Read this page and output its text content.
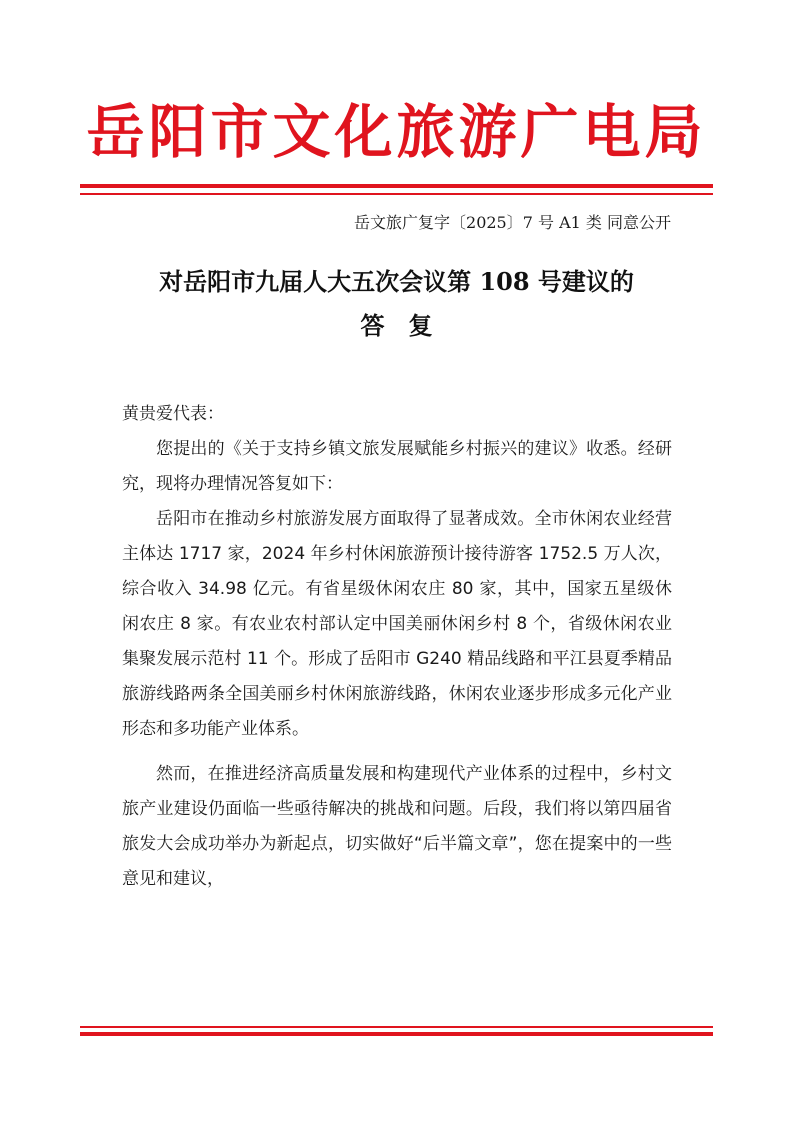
岳阳市文化旅游广电局
岳文旅广复字〔2025〕7 号 A1 类 同意公开
对岳阳市九届人大五次会议第 108 号建议的
答复

黄贵爱代表：

您提出的《关于支持乡镇文旅发展赋能乡村振兴的建议》收悉。经研究，现将办理情况答复如下：

岳阳市在推动乡村旅游发展方面取得了显著成效。全市休闲农业经营主体达 1717 家，2024 年乡村休闲旅游预计接待游客 1752.5 万人次，综合收入 34.98 亿元。有省星级休闲农庄 80 家，其中，国家五星级休闲农庄 8 家。有农业农村部认定中国美丽休闲乡村 8 个，省级休闲农业集聚发展示范村 11 个。形成了岳阳市 G240 精品线路和平江县夏季精品旅游线路两条全国美丽乡村休闲旅游线路，休闲农业逐步形成多元化产业形态和多功能产业体系。

然而，在推进经济高质量发展和构建现代产业体系的过程中，乡村文旅产业建设仍面临一些亟待解决的挑战和问题。后段，我们将以第四届省旅发大会成功举办为新起点，切实做好“后半篇文章”，您在提案中的一些意见和建议，
